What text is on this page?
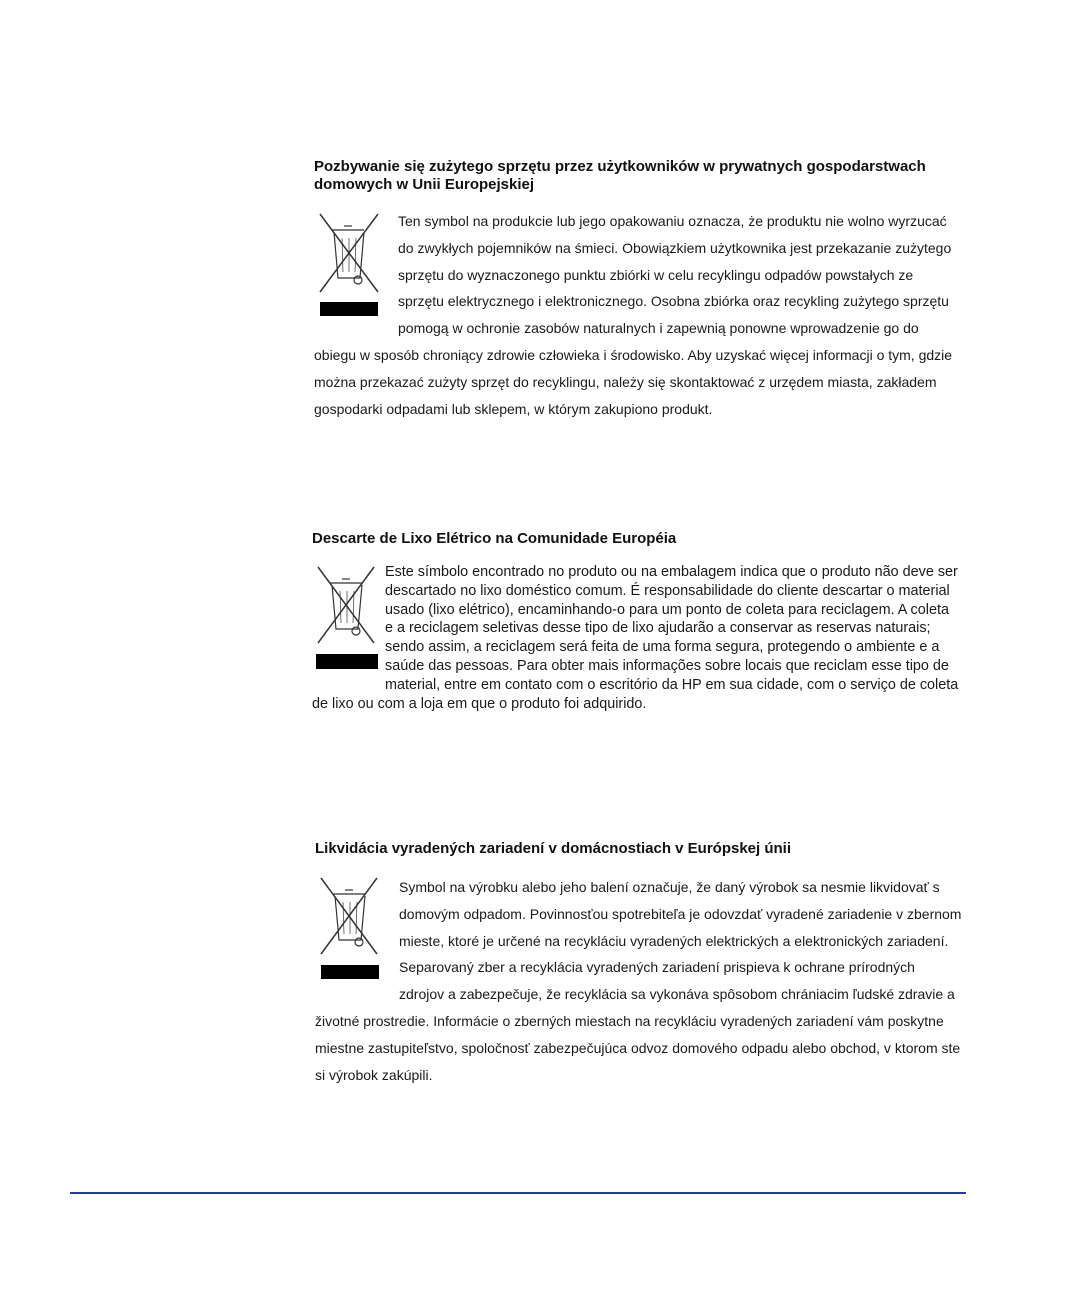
Pozbywanie się zużytego sprzętu przez użytkowników w prywatnych gospodarstwach domowych w Unii Europejskiej

Ten symbol na produkcie lub jego opakowaniu oznacza, że produktu nie wolno wyrzucać do zwykłych pojemników na śmieci. Obowiązkiem użytkownika jest przekazanie zużytego sprzętu do wyznaczonego punktu zbiórki w celu recyklingu odpadów powstałych ze sprzętu elektrycznego i elektronicznego. Osobna zbiórka oraz recykling zużytego sprzętu pomogą w ochronie zasobów naturalnych i zapewnią ponowne wprowadzenie go do obiegu w sposób chroniący zdrowie człowieka i środowisko. Aby uzyskać więcej informacji o tym, gdzie można przekazać zużyty sprzęt do recyklingu, należy się skontaktować z urzędem miasta, zakładem gospodarki odpadami lub sklepem, w którym zakupiono produkt.

Descarte de Lixo Elétrico na Comunidade Européia

Este símbolo encontrado no produto ou na embalagem indica que o produto não deve ser descartado no lixo doméstico comum. É responsabilidade do cliente descartar o material usado (lixo elétrico), encaminhando-o para um ponto de coleta para reciclagem. A coleta e a reciclagem seletivas desse tipo de lixo ajudarão a conservar as reservas naturais; sendo assim, a reciclagem será feita de uma forma segura, protegendo o ambiente e a saúde das pessoas. Para obter mais informações sobre locais que reciclam esse tipo de material, entre em contato com o escritório da HP em sua cidade, com o serviço de coleta de lixo ou com a loja em que o produto foi adquirido.

Likvidácia vyradených zariadení v domácnostiach v Európskej únii

Symbol na výrobku alebo jeho balení označuje, že daný výrobok sa nesmie likvidovať s domovým odpadom. Povinnosťou spotrebiteľa je odovzdať vyradené zariadenie v zbernom mieste, ktoré je určené na recykláciu vyradených elektrických a elektronických zariadení. Separovaný zber a recyklácia vyradených zariadení prispieva k ochrane prírodných zdrojov a zabezpečuje, že recyklácia sa vykonáva spôsobom chrániacim ľudské zdravie a životné prostredie. Informácie o zberných miestach na recykláciu vyradených zariadení vám poskytne miestne zastupiteľstvo, spoločnosť zabezpečujúca odvoz domového odpadu alebo obchod, v ktorom ste si výrobok zakúpili.
